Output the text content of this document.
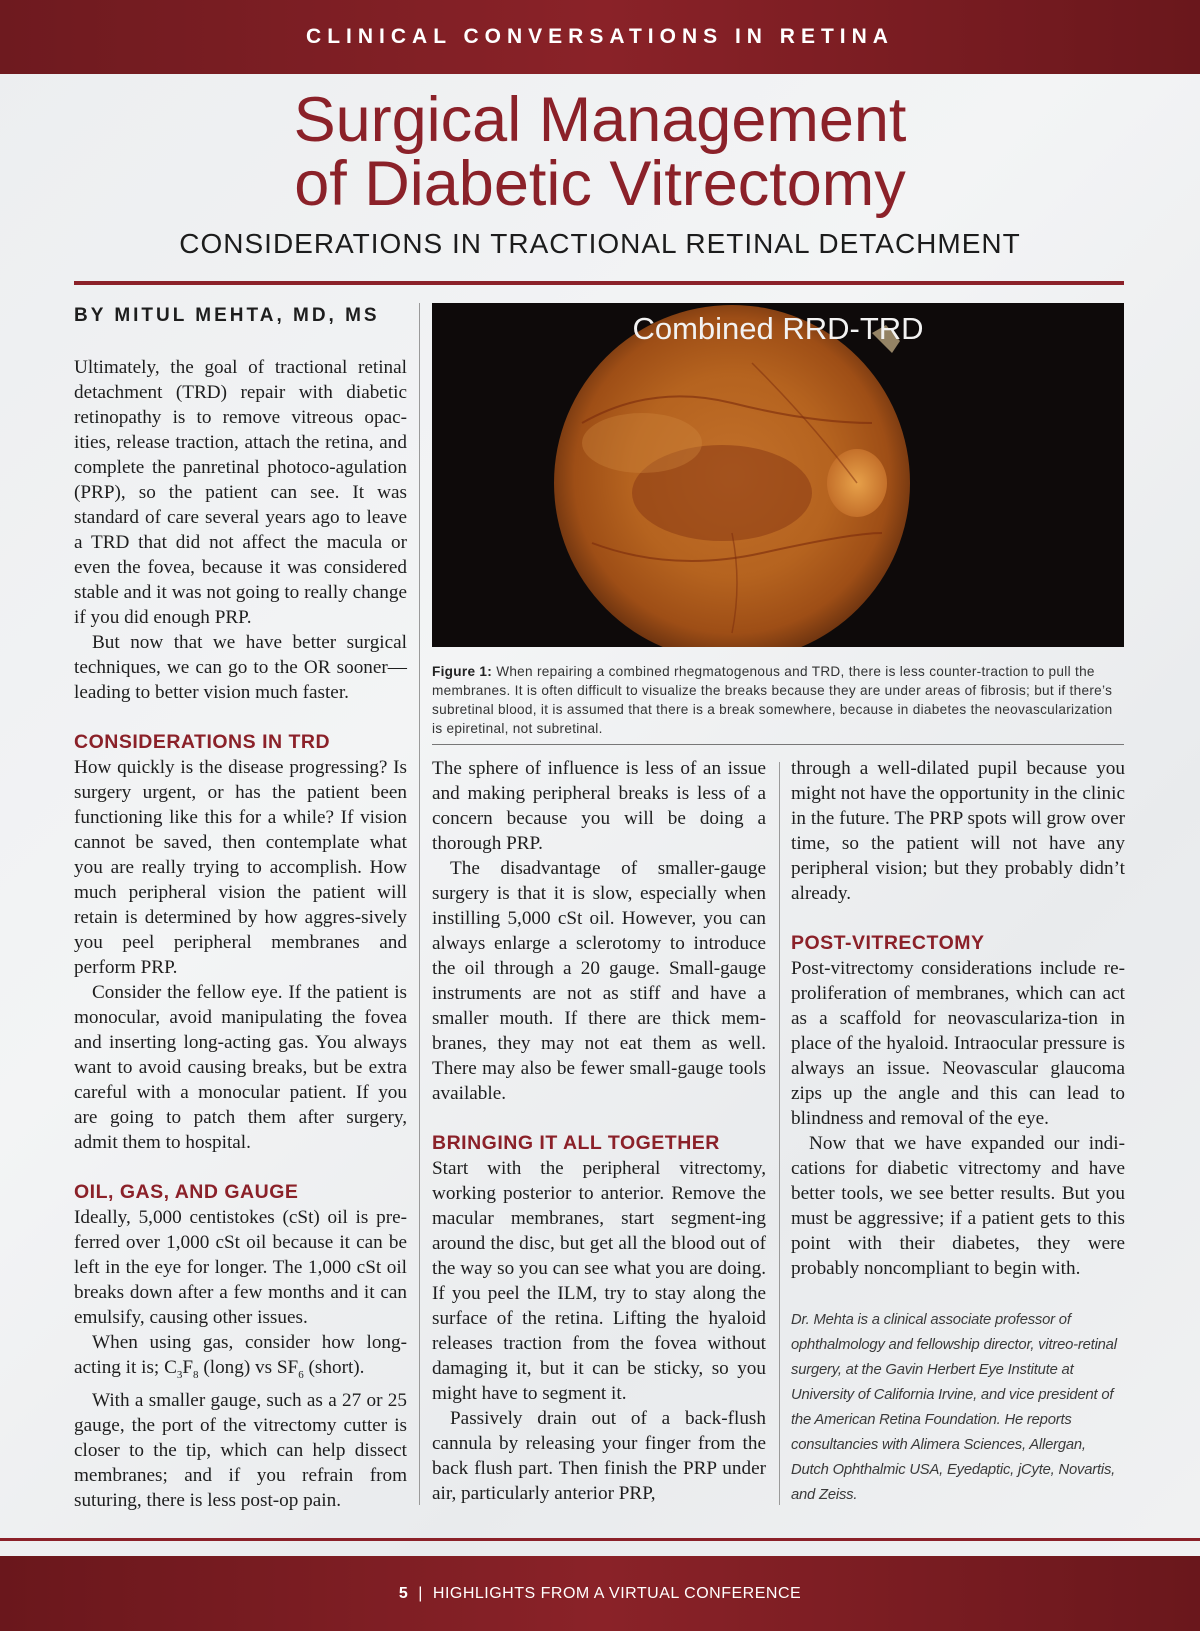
CLINICAL CONVERSATIONS IN RETINA
Surgical Management
of Diabetic Vitrectomy
CONSIDERATIONS IN TRACTIONAL RETINAL DETACHMENT
BY MITUL MEHTA, MD, MS

Ultimately, the goal of tractional retinal detachment (TRD) repair with diabetic retinopathy is to remove vitreous opac-ities, release traction, attach the retina, and complete the panretinal photoco-agulation (PRP), so the patient can see. It was standard of care several years ago to leave a TRD that did not affect the macula or even the fovea, because it was considered stable and it was not going to really change if you did enough PRP.

But now that we have better surgical techniques, we can go to the OR sooner—leading to better vision much faster.

CONSIDERATIONS IN TRD

How quickly is the disease progressing? Is surgery urgent, or has the patient been functioning like this for a while? If vision cannot be saved, then contemplate what you are really trying to accomplish. How much peripheral vision the patient will retain is determined by how aggres-sively you peel peripheral membranes and perform PRP.

Consider the fellow eye. If the patient is monocular, avoid manipulating the fovea and inserting long-acting gas. You always want to avoid causing breaks, but be extra careful with a monocular patient. If you are going to patch them after surgery, admit them to hospital.

OIL, GAS, AND GAUGE

Ideally, 5,000 centistokes (cSt) oil is pre-ferred over 1,000 cSt oil because it can be left in the eye for longer. The 1,000 cSt oil breaks down after a few months and it can emulsify, causing other issues.

When using gas, consider how long-acting it is; $C_3F_8$ (long) vs $SF_6$ (short).

With a smaller gauge, such as a 27 or 25 gauge, the port of the vitrectomy cutter is closer to the tip, which can help dissect membranes; and if you refrain from suturing, there is less post-op pain.

Combined RRD-TRD
Figure 1: When repairing a combined rhegmatogenous and TRD, there is less counter-traction to pull the membranes. It is often difficult to visualize the breaks because they are under areas of fibrosis; but if there’s subretinal blood, it is assumed that there is a break somewhere, because in diabetes the neovascularization is epiretinal, not subretinal.

The sphere of influence is less of an issue and making peripheral breaks is less of a concern because you will be doing a thorough PRP.

The disadvantage of smaller-gauge surgery is that it is slow, especially when instilling 5,000 cSt oil. However, you can always enlarge a sclerotomy to introduce the oil through a 20 gauge. Small-gauge instruments are not as stiff and have a smaller mouth. If there are thick mem-branes, they may not eat them as well. There may also be fewer small-gauge tools available.

BRINGING IT ALL TOGETHER

Start with the peripheral vitrectomy, working posterior to anterior. Remove the macular membranes, start segment-ing around the disc, but get all the blood out of the way so you can see what you are doing. If you peel the ILM, try to stay along the surface of the retina. Lifting the hyaloid releases traction from the fovea without damaging it, but it can be sticky, so you might have to segment it.

Passively drain out of a back-flush cannula by releasing your finger from the back flush part. Then finish the PRP under air, particularly anterior PRP,

through a well-dilated pupil because you might not have the opportunity in the clinic in the future. The PRP spots will grow over time, so the patient will not have any peripheral vision; but they probably didn’t already.

POST-VITRECTOMY

Post-vitrectomy considerations include re-proliferation of membranes, which can act as a scaffold for neovasculariza-tion in place of the hyaloid. Intraocular pressure is always an issue. Neovascular glaucoma zips up the angle and this can lead to blindness and removal of the eye.

Now that we have expanded our indi-cations for diabetic vitrectomy and have better tools, we see better results. But you must be aggressive; if a patient gets to this point with their diabetes, they were probably noncompliant to begin with.

Dr. Mehta is a clinical associate professor of ophthalmology and fellowship director, vitreo-retinal surgery, at the Gavin Herbert Eye Institute at University of California Irvine, and vice president of the American Retina Foundation. He reports consultancies with Alimera Sciences, Allergan, Dutch Ophthalmic USA, Eyedaptic, jCyte, Novartis, and Zeiss.
5 | HIGHLIGHTS FROM A VIRTUAL CONFERENCE
